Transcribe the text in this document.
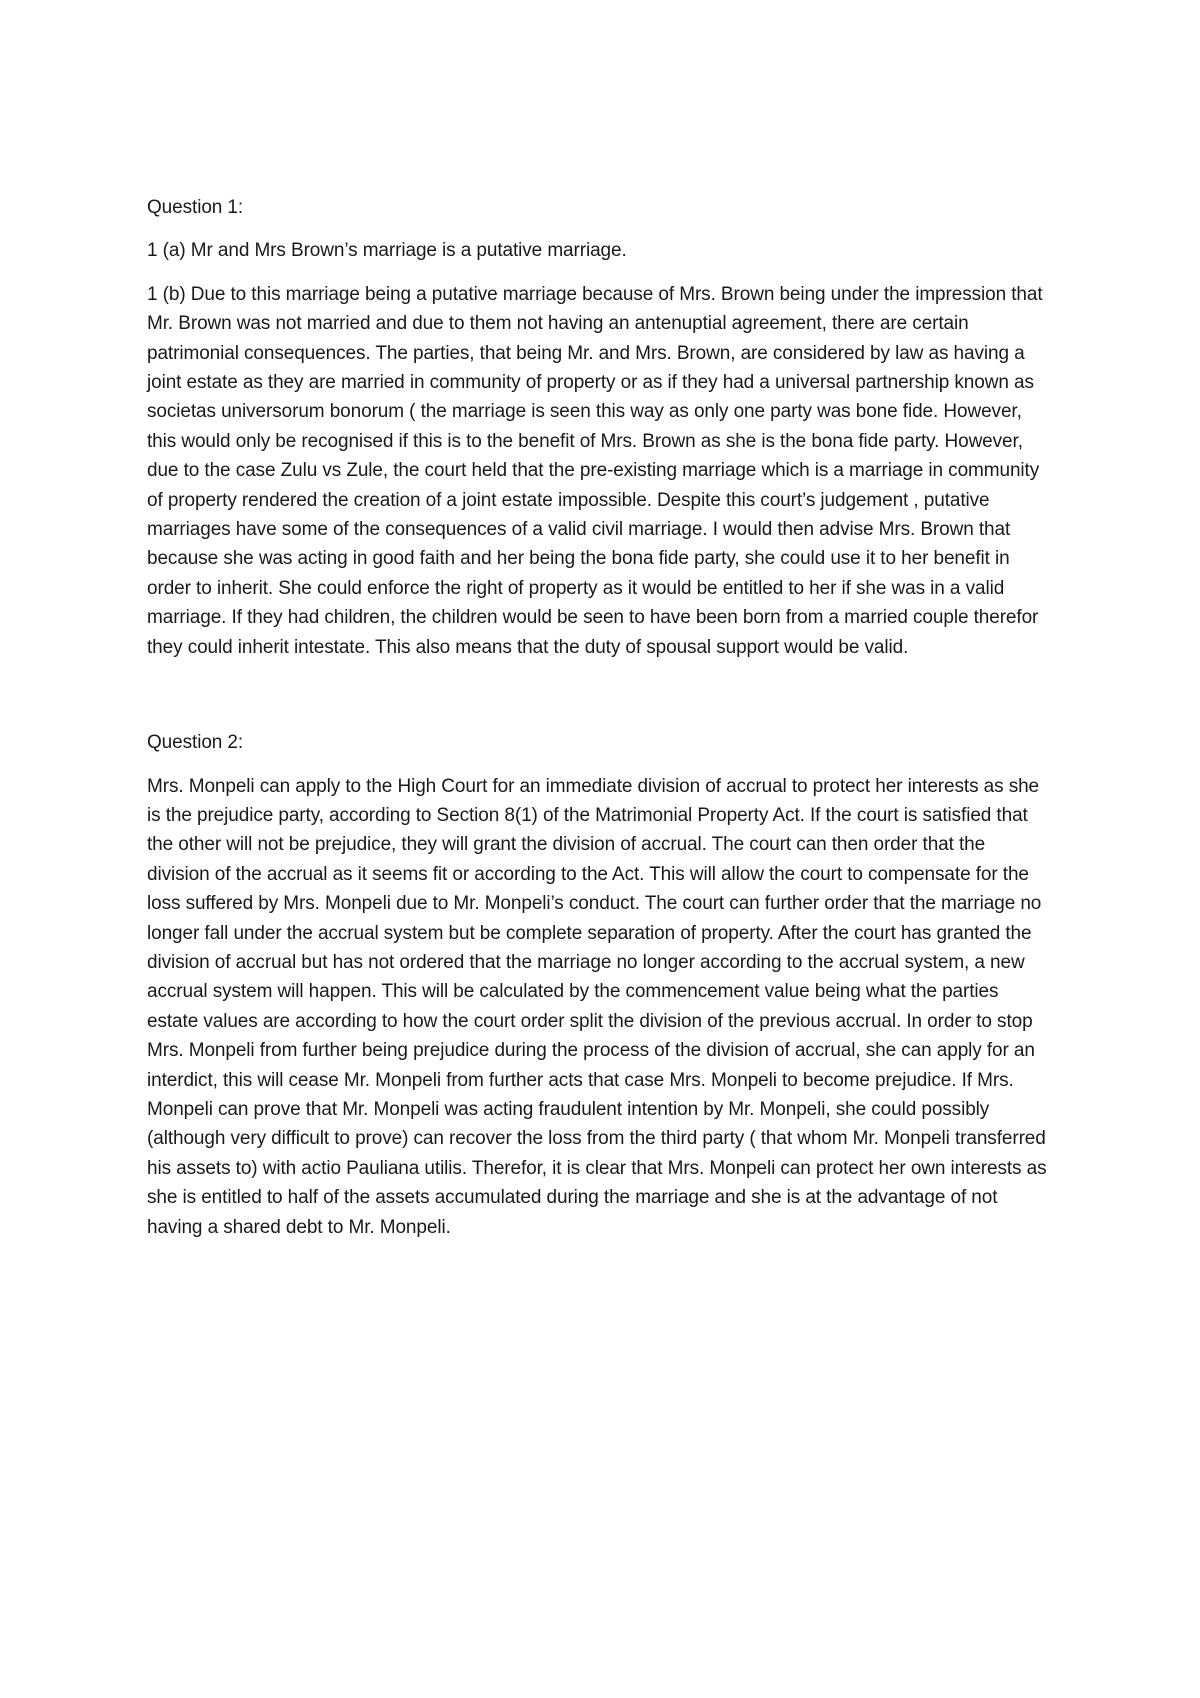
Question 1:

1 (a) Mr and Mrs Brown’s marriage is a putative marriage.

1 (b) Due to this marriage being a putative marriage because of Mrs. Brown being under the impression that Mr. Brown was not married and due to them not having an antenuptial agreement, there are certain patrimonial consequences. The parties, that being Mr. and Mrs. Brown, are considered by law as having a joint estate as they are married in community of property or as if they had a universal partnership known as societas universorum bonorum ( the marriage is seen this way as only one party was bone fide. However, this would only be recognised if this is to the benefit of Mrs. Brown as she is the bona fide party. However, due to the case Zulu vs Zule, the court held that the pre-existing marriage which is a marriage in community of property rendered the creation of a joint estate impossible. Despite this court’s judgement , putative marriages have some of the consequences of a valid civil marriage. I would then advise Mrs. Brown that because she was acting in good faith and her being the bona fide party, she could use it to her benefit in order to inherit. She could enforce the right of property as it would be entitled to her if she was in a valid marriage. If they had children, the children would be seen to have been born from a married couple therefor they could inherit intestate. This also means that the duty of spousal support would be valid.

Question 2:

Mrs. Monpeli can apply to the High Court for an immediate division of accrual to protect her interests as she is the prejudice party, according to Section 8(1) of the Matrimonial Property Act. If the court is satisfied that the other will not be prejudice, they will grant the division of accrual. The court can then order that the division of the accrual as it seems fit or according to the Act. This will allow the court to compensate for the loss suffered by Mrs. Monpeli due to Mr. Monpeli’s conduct. The court can further order that the marriage no longer fall under the accrual system but be complete separation of property. After the court has granted the division of accrual but has not ordered that the marriage no longer according to the accrual system, a new accrual system will happen. This will be calculated by the commencement value being what the parties estate values are according to how the court order split the division of the previous accrual. In order to stop Mrs. Monpeli from further being prejudice during the process of the division of accrual, she can apply for an interdict, this will cease Mr. Monpeli from further acts that case Mrs. Monpeli to become prejudice. If Mrs. Monpeli can prove that Mr. Monpeli was acting fraudulent intention by Mr. Monpeli, she could possibly (although very difficult to prove) can recover the loss from the third party ( that whom Mr. Monpeli transferred his assets to) with actio Pauliana utilis. Therefor, it is clear that Mrs. Monpeli can protect her own interests as she is entitled to half of the assets accumulated during the marriage and she is at the advantage of not having a shared debt to Mr. Monpeli.
